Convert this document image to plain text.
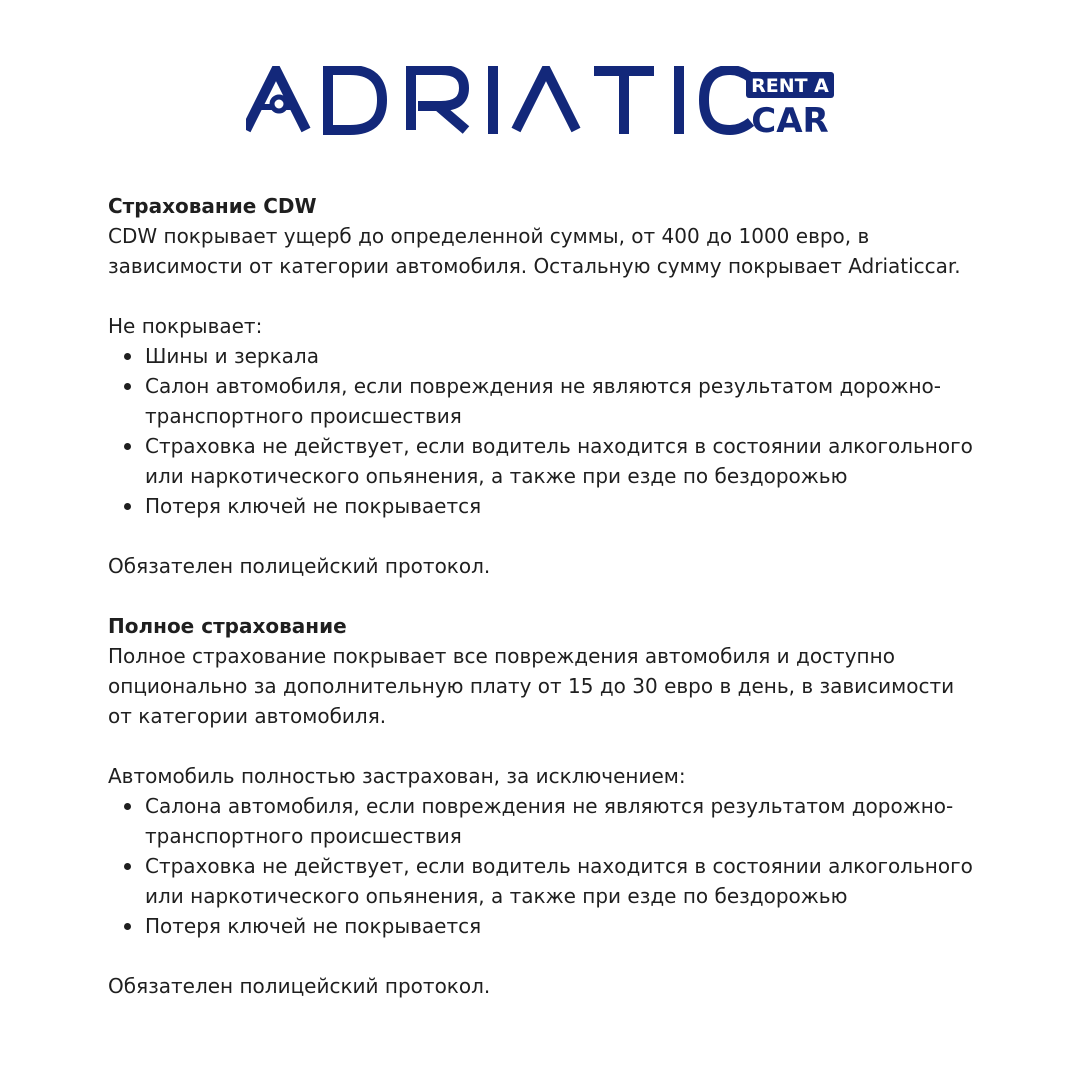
RENT A
CAR
ADRIATIC

Страхование CDW

CDW покрывает ущерб до определенной суммы, от 400 до 1000 евро, в

зависимости от категории автомобиля. Остальную сумму покрывает Adriaticcar.

Не покрывает:

Шины и зеркала
Салон автомобиля, если повреждения не являются результатом дорожно-
транспортного происшествия
Страховка не действует, если водитель находится в состоянии алкогольного
или наркотического опьянения, а также при езде по бездорожью
Потеря ключей не покрывается

Обязателен полицейский протокол.

Полное страхование

Полное страхование покрывает все повреждения автомобиля и доступно

опционально за дополнительную плату от 15 до 30 евро в день, в зависимости

от категории автомобиля.

Автомобиль полностью застрахован, за исключением:

Салона автомобиля, если повреждения не являются результатом дорожно-
транспортного происшествия
Страховка не действует, если водитель находится в состоянии алкогольного
или наркотического опьянения, а также при езде по бездорожью
Потеря ключей не покрывается

Обязателен полицейский протокол.
